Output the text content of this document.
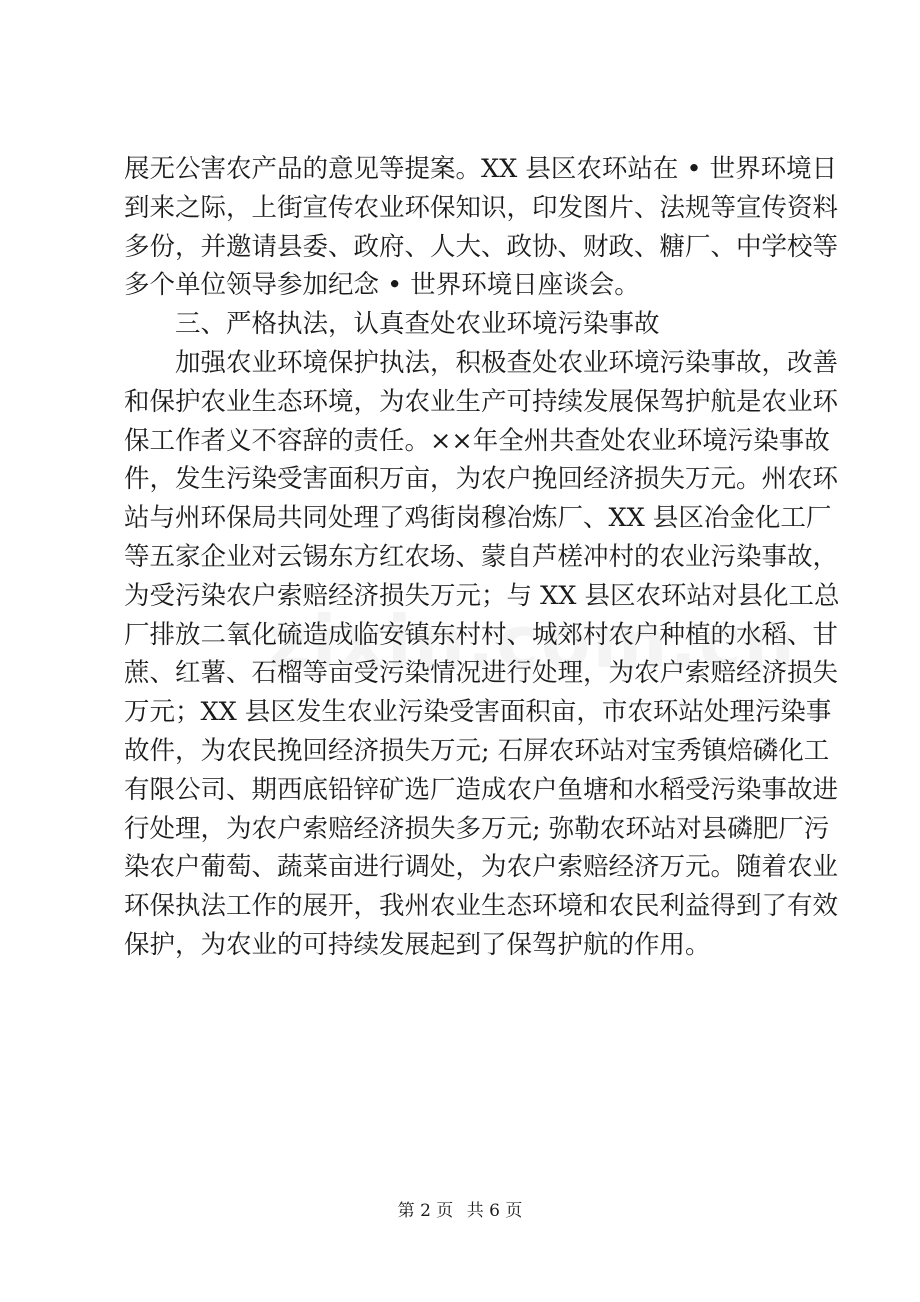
展无公害农产品的意见等提案。XX 县区农环站在 • 世界环境日
到来之际，上街宣传农业环保知识，印发图片、法规等宣传资料
多份，并邀请县委、政府、人大、政协、财政、糖厂、中学校等
多个单位领导参加纪念 • 世界环境日座谈会。
三、严格执法，认真查处农业环境污染事故
加强农业环境保护执法，积极查处农业环境污染事故，改善
和保护农业生态环境，为农业生产可持续发展保驾护航是农业环
保工作者义不容辞的责任。××年全州共查处农业环境污染事故
件，发生污染受害面积万亩，为农户挽回经济损失万元。州农环
站与州环保局共同处理了鸡街岗穆冶炼厂、XX 县区冶金化工厂
等五家企业对云锡东方红农场、蒙自芦槎冲村的农业污染事故，
为受污染农户索赔经济损失万元；与 XX 县区农环站对县化工总
厂排放二氧化硫造成临安镇东村村、城郊村农户种植的水稻、甘
蔗、红薯、石榴等亩受污染情况进行处理，为农户索赔经济损失
万元；XX 县区发生农业污染受害面积亩，市农环站处理污染事
故件，为农民挽回经济损失万元; 石屏农环站对宝秀镇焙磷化工
有限公司、期西底铅锌矿选厂造成农户鱼塘和水稻受污染事故进
行处理，为农户索赔经济损失多万元; 弥勒农环站对县磷肥厂污
染农户葡萄、蔬菜亩进行调处，为农户索赔经济万元。随着农业
环保执法工作的展开，我州农业生态环境和农民利益得到了有效
保护，为农业的可持续发展起到了保驾护航的作用。
第 2 页 共 6 页
